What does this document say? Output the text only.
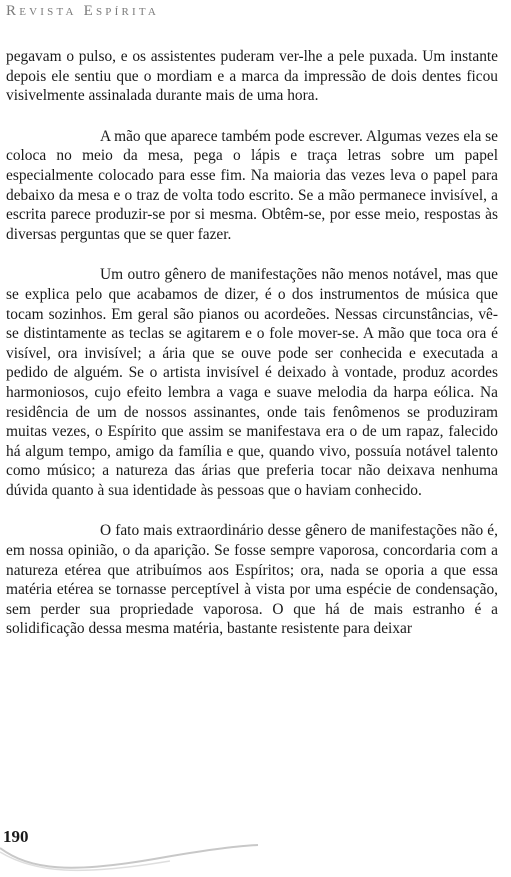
Revista Espírita

pegavam o pulso, e os assistentes puderam ver-lhe a pele puxada. Um instante depois ele sentiu que o mordiam e a marca da impressão de dois dentes ficou visivelmente assinalada durante mais de uma hora.

A mão que aparece também pode escrever. Algumas vezes ela se coloca no meio da mesa, pega o lápis e traça letras sobre um papel especialmente colocado para esse fim. Na maioria das vezes leva o papel para debaixo da mesa e o traz de volta todo escrito. Se a mão permanece invisível, a escrita parece produzir-se por si mesma. Obtêm-se, por esse meio, respostas às diversas perguntas que se quer fazer.

Um outro gênero de manifestações não menos notável, mas que se explica pelo que acabamos de dizer, é o dos instrumentos de música que tocam sozinhos. Em geral são pianos ou acordeões. Nessas circunstâncias, vê-se distintamente as teclas se agitarem e o fole mover-se. A mão que toca ora é visível, ora invisível; a ária que se ouve pode ser conhecida e executada a pedido de alguém. Se o artista invisível é deixado à vontade, produz acordes harmoniosos, cujo efeito lembra a vaga e suave melodia da harpa eólica. Na residência de um de nossos assinantes, onde tais fenômenos se produziram muitas vezes, o Espírito que assim se manifestava era o de um rapaz, falecido há algum tempo, amigo da família e que, quando vivo, possuía notável talento como músico; a natureza das árias que preferia tocar não deixava nenhuma dúvida quanto à sua identidade às pessoas que o haviam conhecido.

O fato mais extraordinário desse gênero de manifestações não é, em nossa opinião, o da aparição. Se fosse sempre vaporosa, concordaria com a natureza etérea que atribuímos aos Espíritos; ora, nada se oporia a que essa matéria etérea se tornasse perceptível à vista por uma espécie de condensação, sem perder sua propriedade vaporosa. O que há de mais estranho é a solidificação dessa mesma matéria, bastante resistente para deixar

190
